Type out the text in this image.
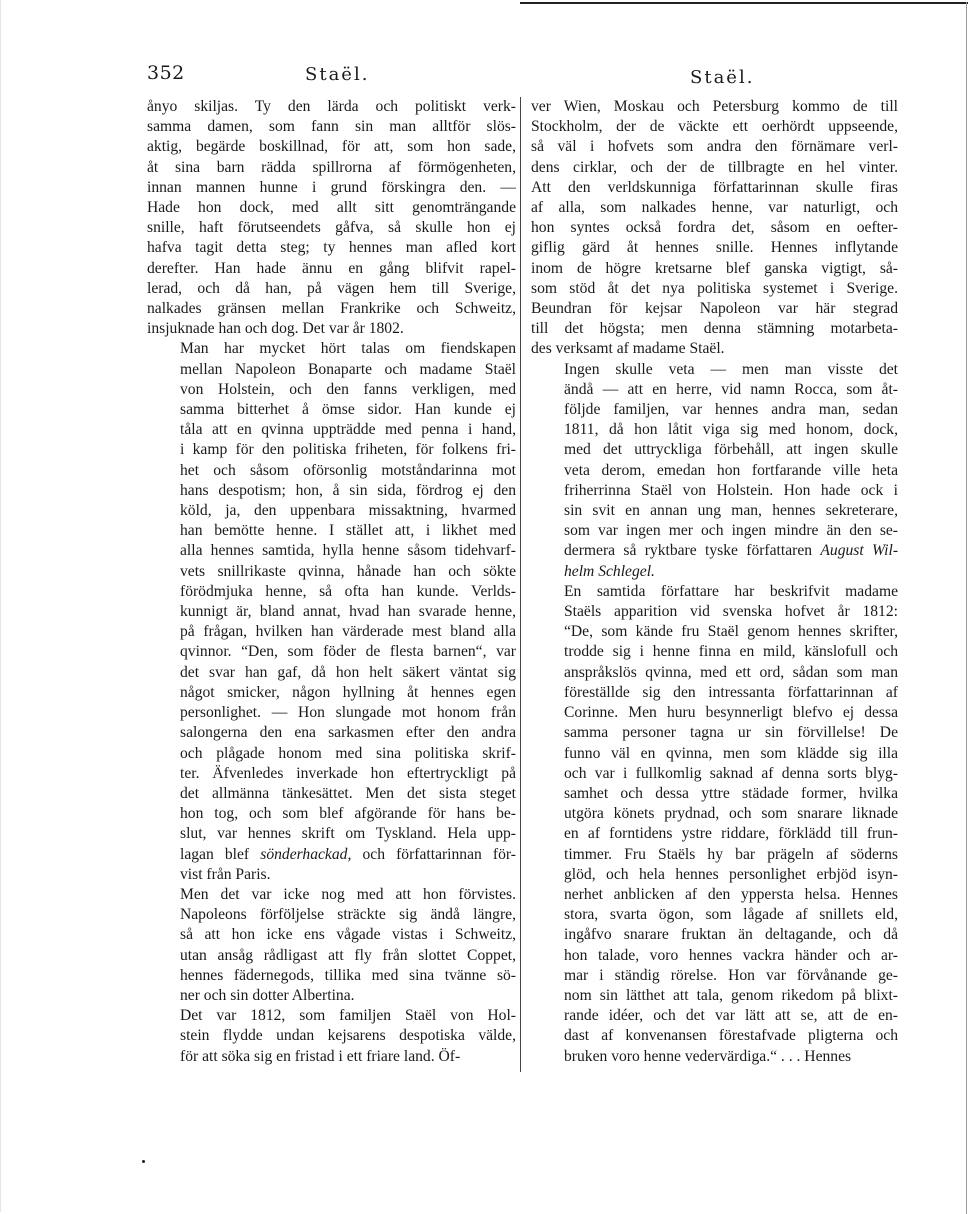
352	Staël.	Staël.

ånyo skiljas. Ty den lärda och politiskt verk-
samma damen, som fann sin man alltför slös-
aktig, begärde boskillnad, för att, som hon sade,
åt sina barn rädda spillrorna af förmögenheten,
innan mannen hunne i grund förskingra den. —
Hade hon dock, med allt sitt genomträngande
snille, haft förutseendets gåfva, så skulle hon ej
hafva tagit detta steg; ty hennes man afled kort
derefter. Han hade ännu en gång blifvit rapel-
lerad, och då han, på vägen hem till Sverige,
nalkades gränsen mellan Frankrike och Schweitz,
insjuknade han och dog. Det var år 1802.

Man har mycket hört talas om fiendskapen
mellan Napoleon Bonaparte och madame Staël
von Holstein, och den fanns verkligen, med
samma bitterhet å ömse sidor. Han kunde ej
tåla att en qvinna uppträdde med penna i hand,
i kamp för den politiska friheten, för folkens fri-
het och såsom oförsonlig motståndarinna mot
hans despotism; hon, å sin sida, fördrog ej den
köld, ja, den uppenbara missaktning, hvarmed
han bemötte henne. I stället att, i likhet med
alla hennes samtida, hylla henne såsom tidehvarf-
vets snillrikaste qvinna, hånade han och sökte
förödmjuka henne, så ofta han kunde. Verlds-
kunnigt är, bland annat, hvad han svarade henne,
på frågan, hvilken han värderade mest bland alla
qvinnor. “Den, som föder de flesta barnen“, var
det svar han gaf, då hon helt säkert väntat sig
något smicker, någon hyllning åt hennes egen
personlighet. — Hon slungade mot honom från
salongerna den ena sarkasmen efter den andra
och plågade honom med sina politiska skrif-
ter. Äfvenledes inverkade hon eftertryckligt på
det allmänna tänkesättet. Men det sista steget
hon tog, och som blef afgörande för hans be-
slut, var hennes skrift om Tyskland. Hela upp-
lagan blef sönderhackad, och författarinnan för-
vist från Paris.

Men det var icke nog med att hon förvistes.
Napoleons förföljelse sträckte sig ändå längre,
så att hon icke ens vågade vistas i Schweitz,
utan ansåg rådligast att fly från slottet Coppet,
hennes fädernegods, tillika med sina tvänne sö-
ner och sin dotter Albertina.

Det var 1812, som familjen Staël von Hol-
stein flydde undan kejsarens despotiska välde,
för att söka sig en fristad i ett friare land. Öf-

ver Wien, Moskau och Petersburg kommo de till
Stockholm, der de väckte ett oerhördt uppseende,
så väl i hofvets som andra den förnämare verl-
dens cirklar, och der de tillbragte en hel vinter.
Att den verldskunniga författarinnan skulle firas
af alla, som nalkades henne, var naturligt, och
hon syntes också fordra det, såsom en oefter-
giflig gärd åt hennes snille. Hennes inflytande
inom de högre kretsarne blef ganska vigtigt, så-
som stöd åt det nya politiska systemet i Sverige.
Beundran för kejsar Napoleon var här stegrad
till det högsta; men denna stämning motarbeta-
des verksamt af madame Staël.

Ingen skulle veta — men man visste det
ändå — att en herre, vid namn Rocca, som åt-
följde familjen, var hennes andra man, sedan
1811, då hon låtit viga sig med honom, dock,
med det uttryckliga förbehåll, att ingen skulle
veta derom, emedan hon fortfarande ville heta
friherrinna Staël von Holstein. Hon hade ock i
sin svit en annan ung man, hennes sekreterare,
som var ingen mer och ingen mindre än den se-
dermera så ryktbare tyske författaren August Wil-
helm Schlegel.

En samtida författare har beskrifvit madame
Staëls apparition vid svenska hofvet år 1812:
“De, som kände fru Staël genom hennes skrifter,
trodde sig i henne finna en mild, känslofull och
anspråkslös qvinna, med ett ord, sådan som man
föreställde sig den intressanta författarinnan af
Corinne. Men huru besynnerligt blefvo ej dessa
samma personer tagna ur sin förvillelse! De
funno väl en qvinna, men som klädde sig illa
och var i fullkomlig saknad af denna sorts blyg-
samhet och dessa yttre städade former, hvilka
utgöra könets prydnad, och som snarare liknade
en af forntidens ystre riddare, förklädd till frun-
timmer. Fru Staëls hy bar prägeln af söderns
glöd, och hela hennes personlighet erbjöd isyn-
nerhet anblicken af den yppersta helsa. Hennes
stora, svarta ögon, som lågade af snillets eld,
ingåfvo snarare fruktan än deltagande, och då
hon talade, voro hennes vackra händer och ar-
mar i ständig rörelse. Hon var förvånande ge-
nom sin lätthet att tala, genom rikedom på blixt-
rande idéer, och det var lätt att se, att de en-
dast af konvenansen förestafvade pligterna och
bruken voro henne vedervärdiga.“ . . . Hennes
